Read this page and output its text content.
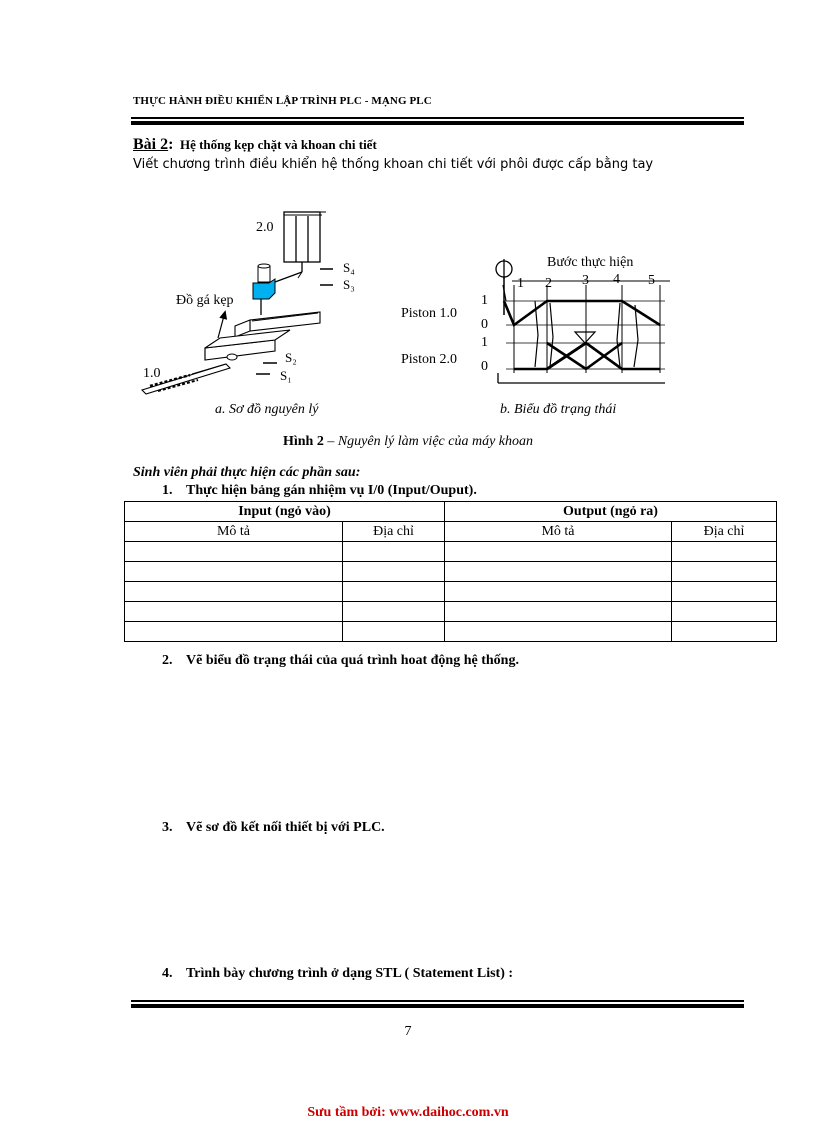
THỰC HÀNH ĐIỀU KHIỂN LẬP TRÌNH PLC - MẠNG PLC
Bài 2: Hệ thống kẹp chặt và khoan chi tiết
Viết chương trình điều khiển hệ thống khoan chi tiết với phôi được cấp bằng tay
2.0
S₄
S₃
Đồ gá kẹp
S₂
S₁
1.0
a. Sơ đồ nguyên lý
Bước thực hiện
1 2 3 4 5
Piston 1.0
Piston 2.0
1
0
1
0
b. Biểu đồ trạng thái
Hình 2 – Nguyên lý làm việc của máy khoan
Sinh viên phải thực hiện các phần sau:
1. Thực hiện bảng gán nhiệm vụ I/0 (Input/Ouput).
Input (ngỏ vào)		Output (ngỏ ra)	
Mô tả	Địa chỉ	Mô tả	Địa chỉ

2. Vẽ biểu đồ trạng thái của quá trình hoat động hệ thống.
3. Vẽ sơ đồ kết nối thiết bị với PLC.
4. Trình bày chương trình ở dạng STL ( Statement List) :
7
Sưu tầm bởi: www.daihoc.com.vn
